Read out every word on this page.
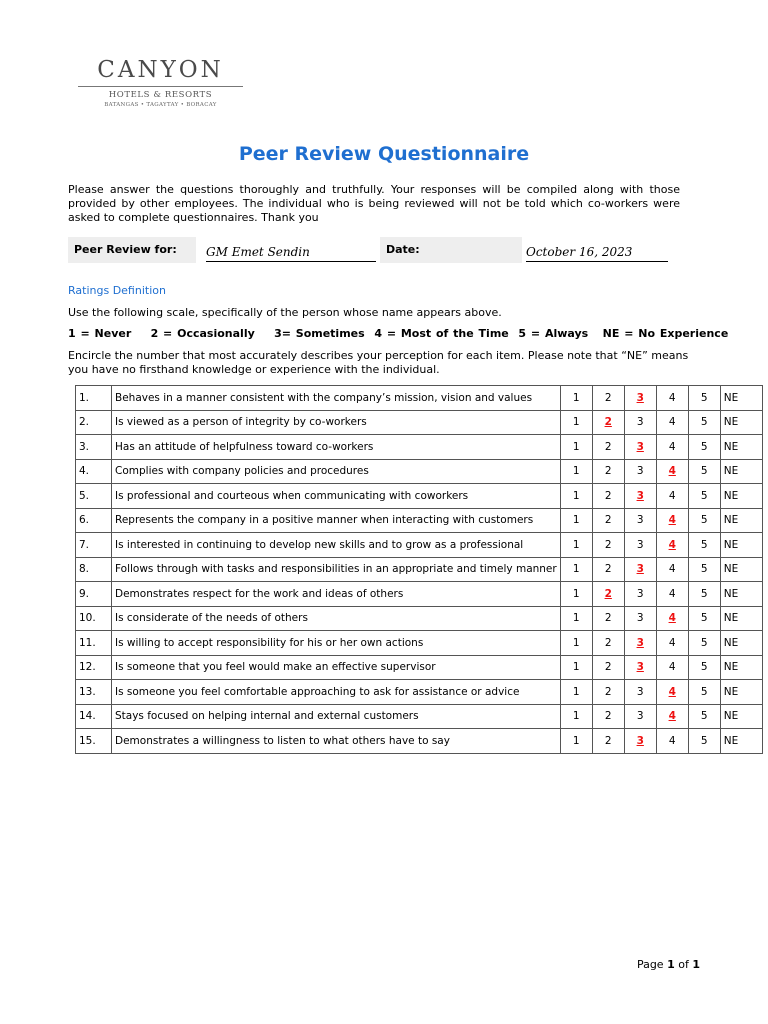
CANYON
HOTELS & RESORTS
BATANGAS • TAGAYTAY • BORACAY
Peer Review Questionnaire
Please answer the questions thoroughly and truthfully. Your responses will be compiled along with those provided by other employees. The individual who is being reviewed will not be told which co-workers were asked to complete questionnaires. Thank you
Peer Review for:	GM Emet Sendin	Date:	October 16, 2023
Ratings Definition
Use the following scale, specifically of the person whose name appears above.
1 = Never    2 = Occasionally    3= Sometimes  4 = Most of the Time  5 = Always   NE = No Experience
Encircle the number that most accurately describes your perception for each item. Please note that “NE” means you have no firsthand knowledge or experience with the individual.
1.	Behaves in a manner consistent with the company’s mission, vision and values	1	2	3	4	5	NE
2.	Is viewed as a person of integrity by co-workers	1	2	3	4	5	NE
3.	Has an attitude of helpfulness toward co-workers	1	2	3	4	5	NE
4.	Complies with company policies and procedures	1	2	3	4	5	NE
5.	Is professional and courteous when communicating with coworkers	1	2	3	4	5	NE
6.	Represents the company in a positive manner when interacting with customers	1	2	3	4	5	NE
7.	Is interested in continuing to develop new skills and to grow as a professional	1	2	3	4	5	NE
8.	Follows through with tasks and responsibilities in an appropriate and timely manner	1	2	3	4	5	NE
9.	Demonstrates respect for the work and ideas of others	1	2	3	4	5	NE
10.	Is considerate of the needs of others	1	2	3	4	5	NE
11.	Is willing to accept responsibility for his or her own actions	1	2	3	4	5	NE
12.	Is someone that you feel would make an effective supervisor	1	2	3	4	5	NE
13.	Is someone you feel comfortable approaching to ask for assistance or advice	1	2	3	4	5	NE
14.	Stays focused on helping internal and external customers	1	2	3	4	5	NE
15.	Demonstrates a willingness to listen to what others have to say	1	2	3	4	5	NE
Page 1 of 1
